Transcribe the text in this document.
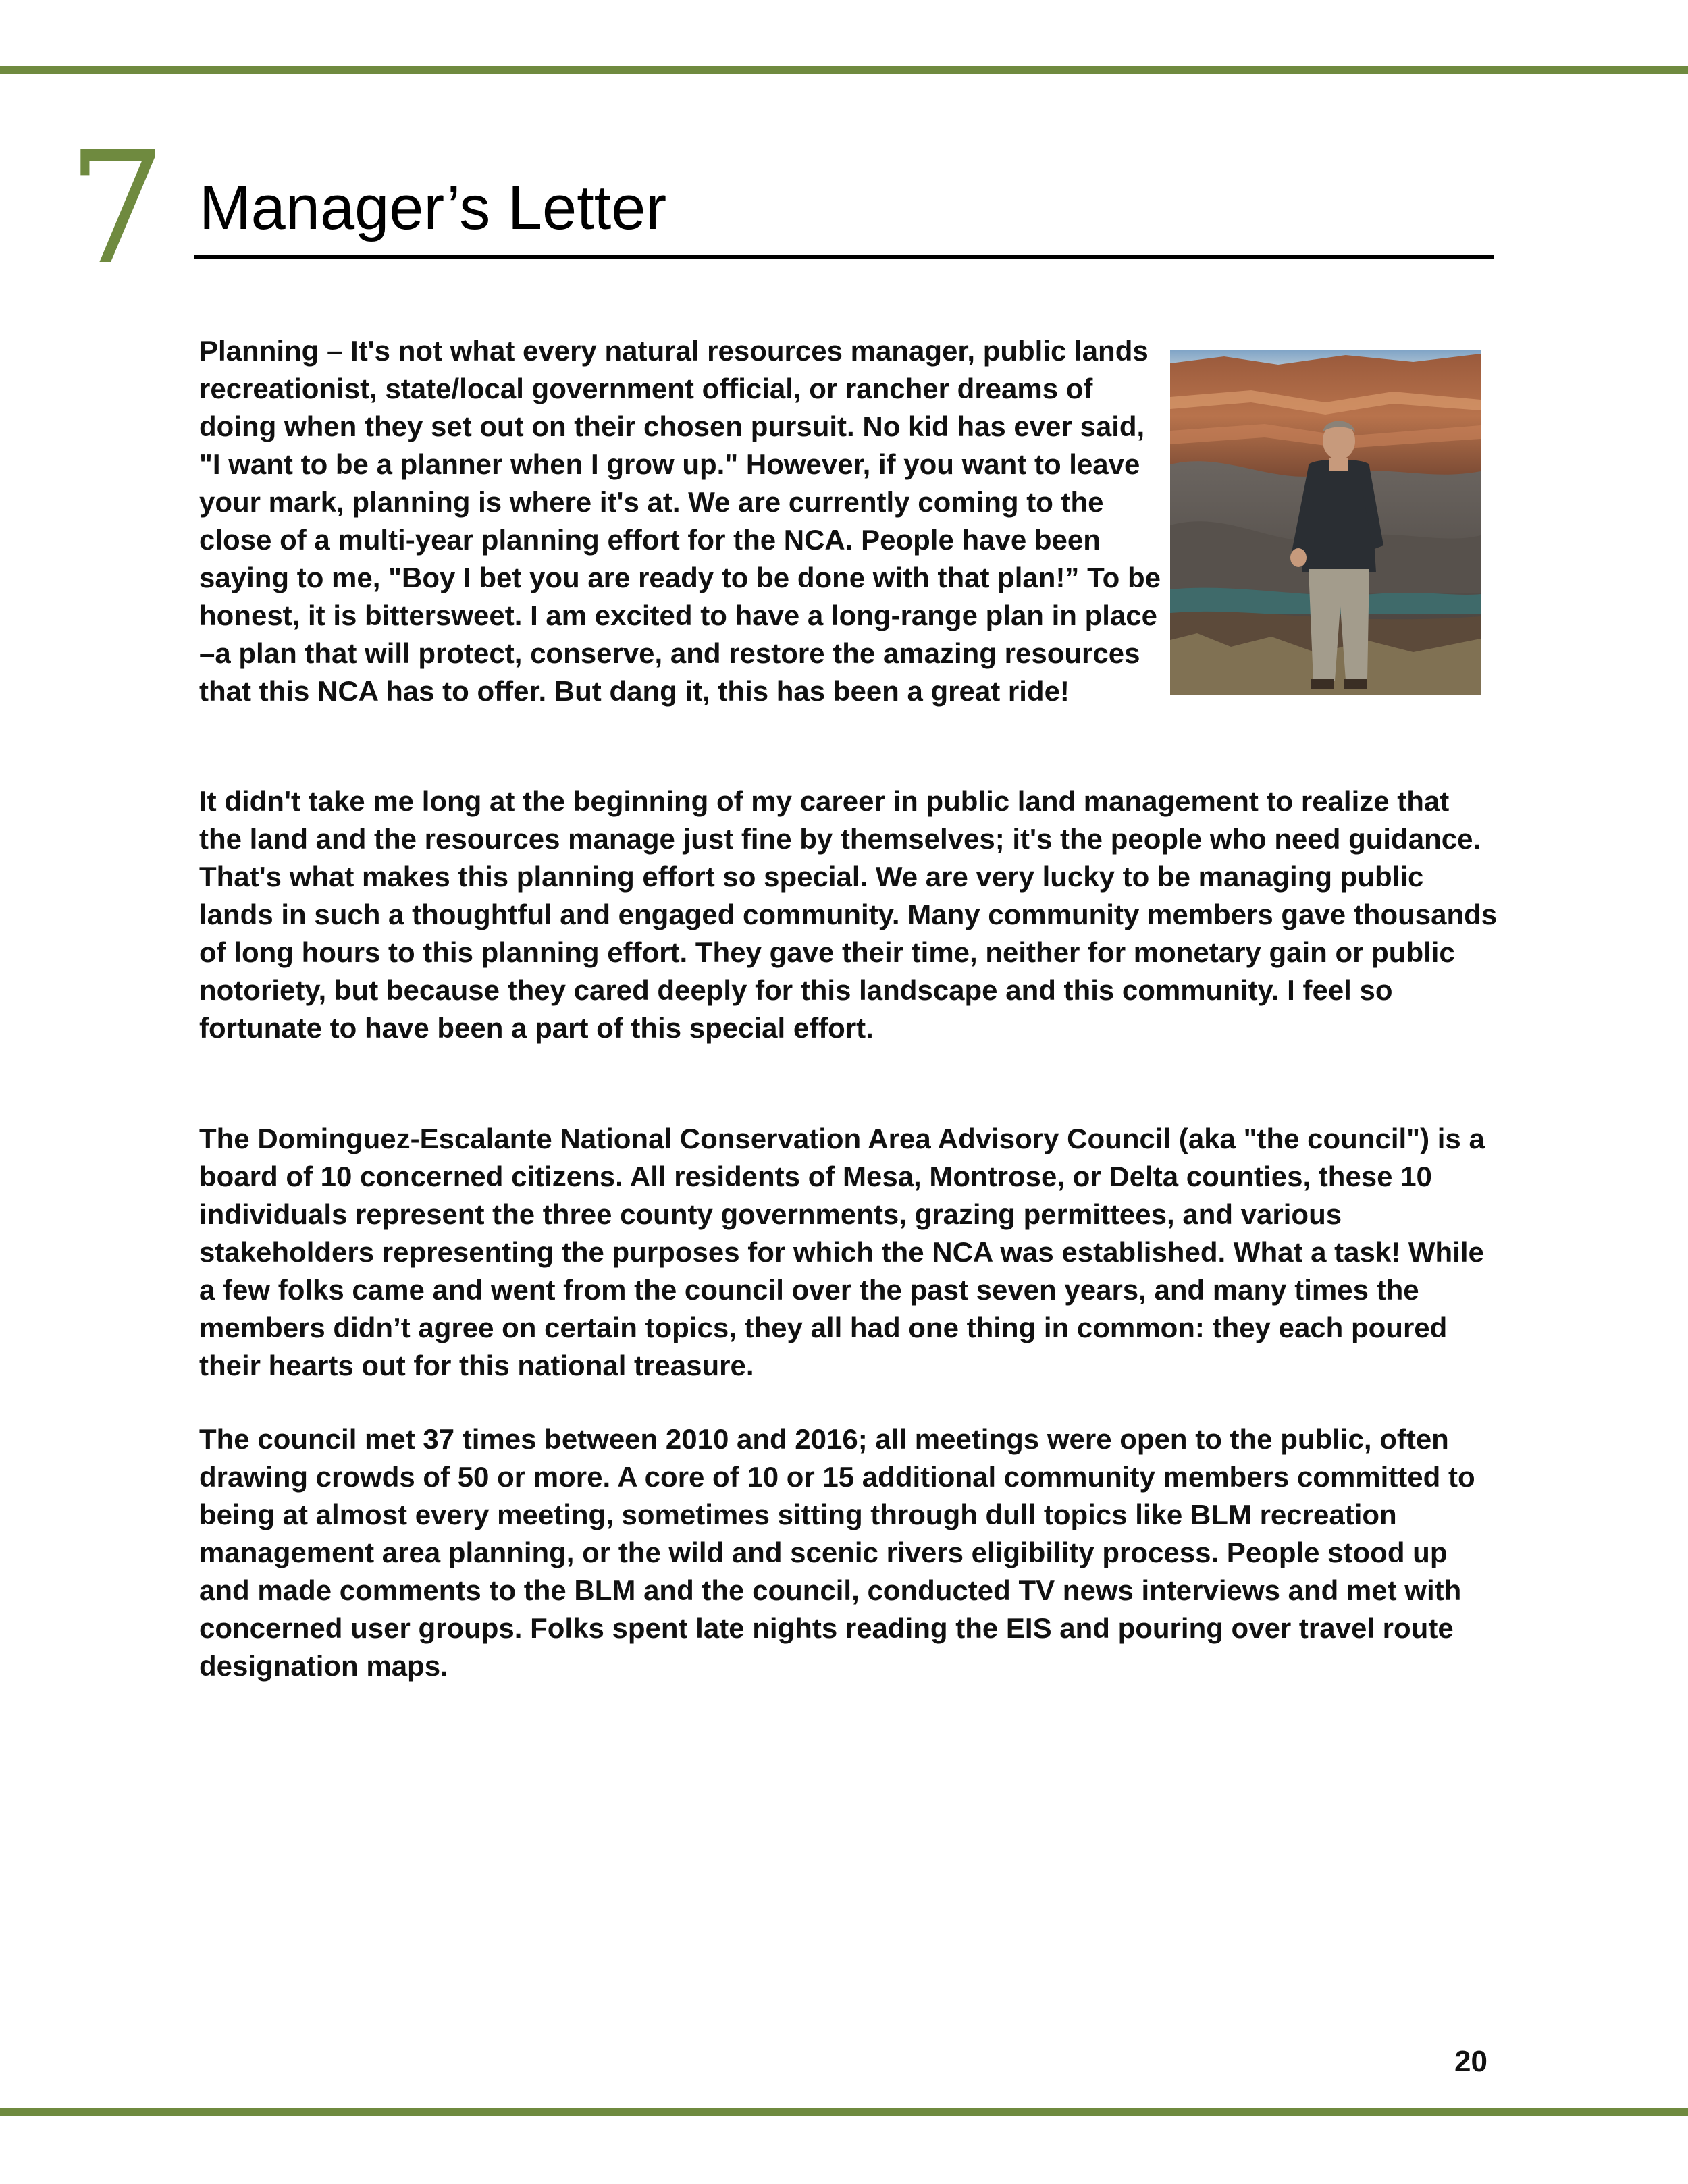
7 Manager’s Letter

Planning – It's not what every natural resources manager, public lands recreationist, state/local government official, or rancher dreams of doing when they set out on their chosen pursuit. No kid has ever said, "I want to be a planner when I grow up." However, if you want to leave your mark, planning is where it's at. We are currently coming to the close of a multi-year planning effort for the NCA. People have been saying to me, "Boy I bet you are ready to be done with that plan!” To be honest, it is bittersweet. I am excited to have a long-range plan in place –a plan that will protect, conserve, and restore the amazing resources that this NCA has to offer. But dang it, this has been a great ride!

It didn't take me long at the beginning of my career in public land management to realize that the land and the resources manage just fine by themselves; it's the people who need guidance. That's what makes this planning effort so special. We are very lucky to be managing public lands in such a thoughtful and engaged community. Many community members gave thousands of long hours to this planning effort. They gave their time, neither for monetary gain or public notoriety, but because they cared deeply for this landscape and this community. I feel so fortunate to have been a part of this special effort.

The Dominguez-Escalante National Conservation Area Advisory Council (aka "the council") is a board of 10 concerned citizens. All residents of Mesa, Montrose, or Delta counties, these 10 individuals represent the three county governments, grazing permittees, and various stakeholders representing the purposes for which the NCA was established. What a task! While a few folks came and went from the council over the past seven years, and many times the members didn’t agree on certain topics, they all had one thing in common: they each poured their hearts out for this national treasure.

The council met 37 times between 2010 and 2016; all meetings were open to the public, often drawing crowds of 50 or more. A core of 10 or 15 additional community members committed to being at almost every meeting, sometimes sitting through dull topics like BLM recreation management area planning, or the wild and scenic rivers eligibility process. People stood up and made comments to the BLM and the council, conducted TV news interviews and met with concerned user groups. Folks spent late nights reading the EIS and pouring over travel route designation maps.

20
